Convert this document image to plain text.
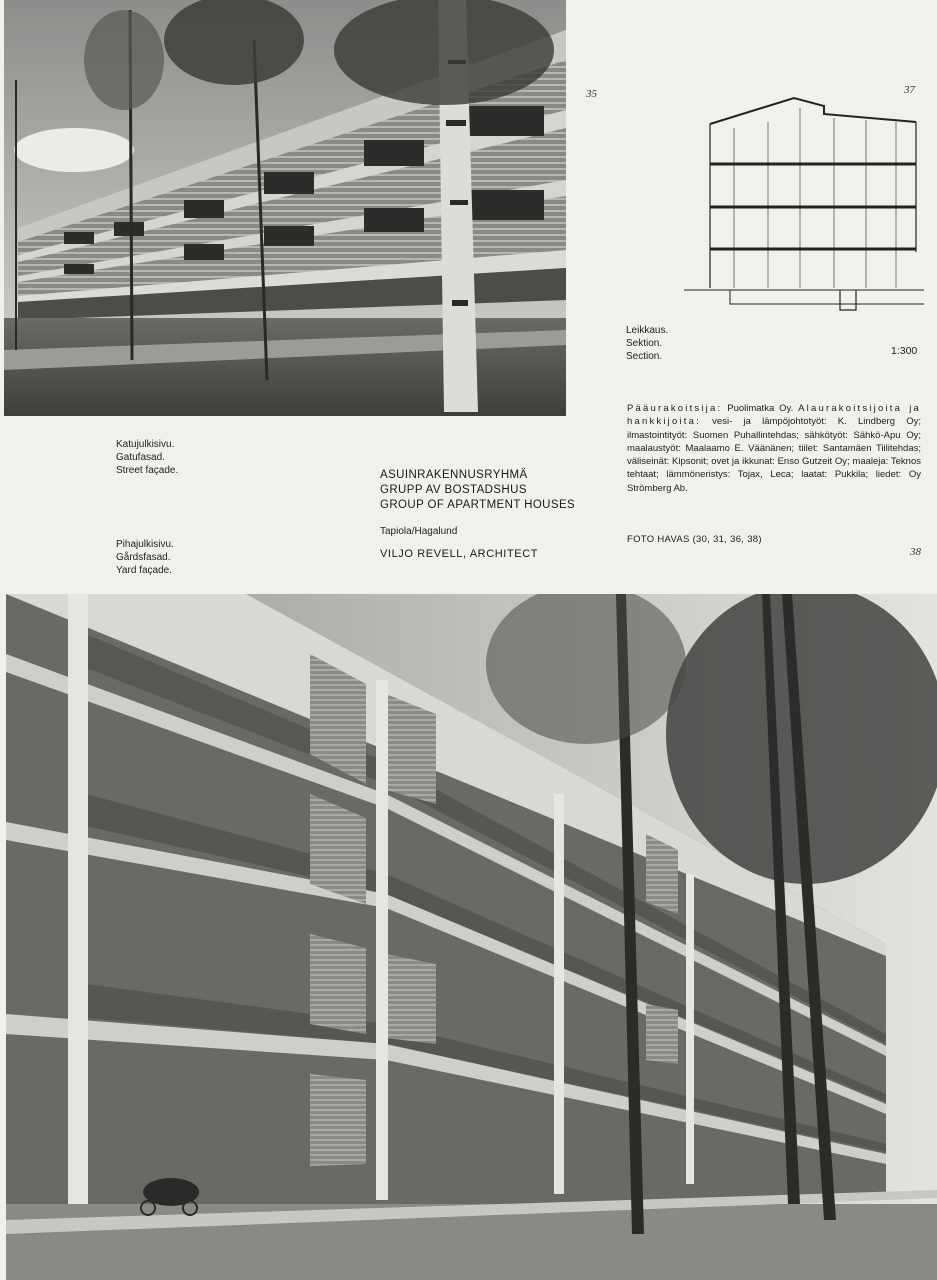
35	37
38
Leikkaus.
Sektion.
Section.	1:300
Pääurakoitsija: Puolimatka Oy. Alaurakoitsijoita ja hankkijoita: vesi- ja lämpöjohtotyöt: K. Lindberg Oy; ilmastointityöt: Suomen Puhallintehdas; sähkötyöt: Sähkö-Apu Oy; maalaustyöt: Maalaamo E. Väänänen; tiilet: Santamäen Tiilitehdas; väliseinät: Kipsonit; ovet ja ikkunat: Enso Gutzeit Oy; maaleja: Teknos tehtaat; lämmöneristys: Tojax, Leca; laatat: Pukkila; liedet: Oy Strömberg Ab.
FOTO HAVAS (30, 31, 36, 38)
Katujulkisivu.
Gatufasad.
Street façade.
Pihajulkisivu.
Gårdsfasad.
Yard façade.
ASUINRAKENNUSRYHMÄ
GRUPP AV BOSTADSHUS
GROUP OF APARTMENT HOUSES
Tapiola/Hagalund
VILJO REVELL, ARCHITECT
